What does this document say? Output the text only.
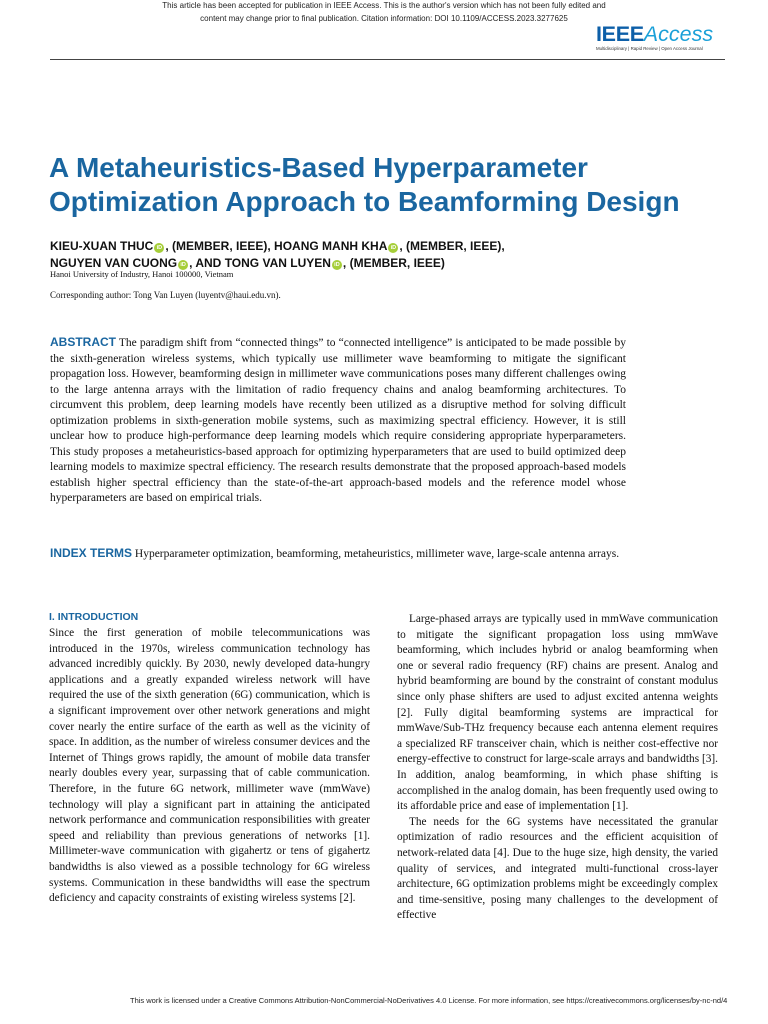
This article has been accepted for publication in IEEE Access. This is the author's version which has not been fully edited and
content may change prior to final publication. Citation information: DOI 10.1109/ACCESS.2023.3277625
IEEEAccess
Multidisciplinary | Rapid Review | Open Access Journal
A Metaheuristics-Based Hyperparameter Optimization Approach to Beamforming Design
KIEU-XUAN THUC iD , (MEMBER, IEEE), HOANG MANH KHA iD , (MEMBER, IEEE),
NGUYEN VAN CUONG iD , AND TONG VAN LUYEN iD , (MEMBER, IEEE)
Hanoi University of Industry, Hanoi 100000, Vietnam
Corresponding author: Tong Van Luyen (luyentv@haui.edu.vn).

ABSTRACT The paradigm shift from “connected things” to “connected intelligence” is anticipated to be made possible by the sixth-generation wireless systems, which typically use millimeter wave beamforming to mitigate the significant propagation loss. However, beamforming design in millimeter wave communications poses many different challenges owing to the large antenna arrays with the limitation of radio frequency chains and analog beamforming architectures. To circumvent this problem, deep learning models have recently been utilized as a disruptive method for solving difficult optimization problems in sixth-generation mobile systems, such as maximizing spectral efficiency. However, it is still unclear how to produce high-performance deep learning models which require considering appropriate hyperparameters. This study proposes a metaheuristics-based approach for optimizing hyperparameters that are used to build optimized deep learning models to maximize spectral efficiency. The research results demonstrate that the proposed approach-based models establish higher spectral efficiency than the state-of-the-art approach-based models and the reference model whose hyperparameters are based on empirical trials.

INDEX TERMS Hyperparameter optimization, beamforming, metaheuristics, millimeter wave, large-scale antenna arrays.

I. INTRODUCTION

Since the first generation of mobile telecommunications was introduced in the 1970s, wireless communication technology has advanced incredibly quickly. By 2030, newly developed data-hungry applications and a greatly expanded wireless network will have required the use of the sixth generation (6G) communication, which is a significant improvement over other network generations and might cover nearly the entire surface of the earth as well as the vicinity of space. In addition, as the number of wireless consumer devices and the Internet of Things grows rapidly, the amount of mobile data transfer nearly doubles every year, surpassing that of cable communication. Therefore, in the future 6G network, millimeter wave (mmWave) technology will play a significant part in attaining the anticipated network performance and communication responsibilities with greater speed and reliability than previous generations of networks [1]. Millimeter-wave communication with gigahertz or tens of gigahertz bandwidths is also viewed as a possible technology for 6G wireless systems. Communication in these bandwidths will ease the spectrum deficiency and capacity constraints of existing wireless systems [2].

Large-phased arrays are typically used in mmWave communication to mitigate the significant propagation loss using mmWave beamforming, which includes hybrid or analog beamforming when one or several radio frequency (RF) chains are present. Analog and hybrid beamforming are bound by the constraint of constant modulus since only phase shifters are used to adjust excited antenna weights [2]. Fully digital beamforming systems are impractical for mmWave/Sub-THz frequency because each antenna element requires a specialized RF transceiver chain, which is neither cost-effective nor energy-effective to construct for large-scale arrays and bandwidths [3]. In addition, analog beamforming, in which phase shifting is accomplished in the analog domain, has been frequently used owing to its affordable price and ease of implementation [1].

The needs for the 6G systems have necessitated the granular optimization of radio resources and the efficient acquisition of network-related data [4]. Due to the huge size, high density, the varied quality of services, and integrated multi-functional cross-layer architecture, 6G optimization problems might be exceedingly complex and time-sensitive, posing many challenges to the development of effective

This work is licensed under a Creative Commons Attribution-NonCommercial-NoDerivatives 4.0 License. For more information, see https://creativecommons.org/licenses/by-nc-nd/4
